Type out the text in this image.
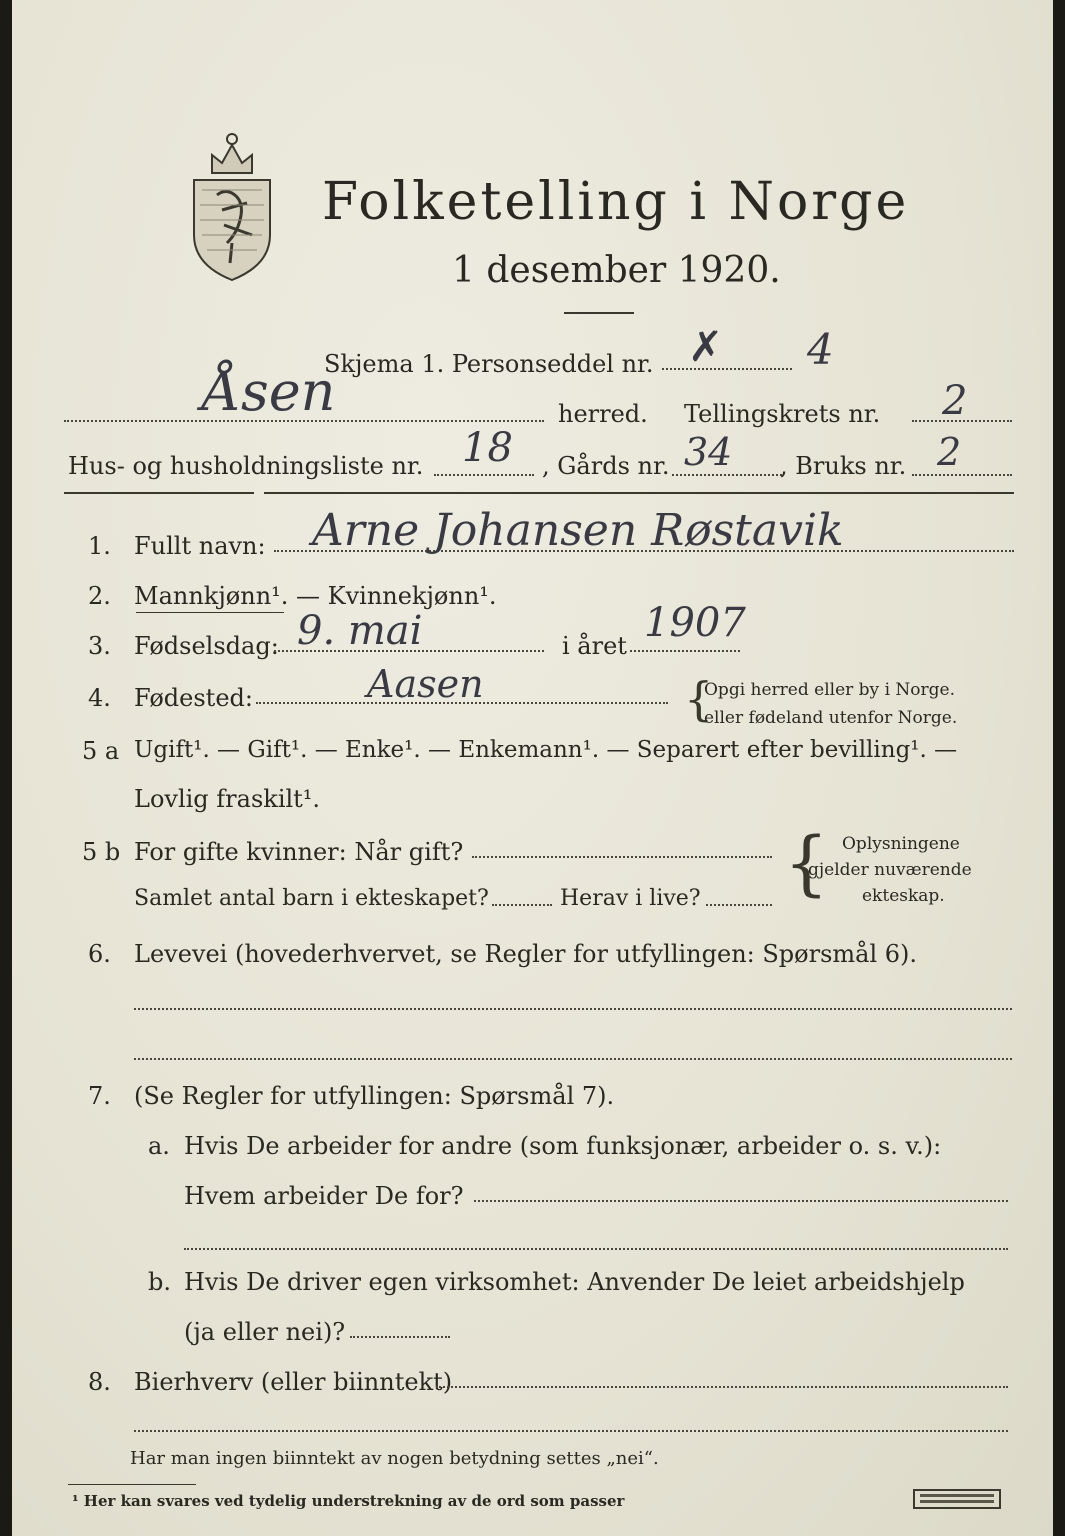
Folketelling i Norge
1 desember 1920.
Åsen
Skjema 1. Personseddel nr.	4
✗
herred. Tellingskrets nr. 2
Hus- og husholdningsliste nr. 18 , Gårds nr. 34 , Bruks nr. 2
1. Fullt navn: Arne Johansen Røstavik
2. Mannkjønn¹. — Kvinnekjønn¹.
3. Fødselsdag: 9. mai	i året 1907
4. Fødested:	Aasen	{
Opgi herred eller by i Norge.
eller fødeland utenfor Norge.
5 a Ugift¹. — Gift¹. — Enke¹. — Enkemann¹. — Separert efter bevilling¹. —
Lovlig fraskilt¹.
5 b For gifte kvinner: Når gift?
Samlet antal barn i ekteskapet?	Herav i live? { Oplysningene
gjelder nuværende
ekteskap.
6. Levevei (hovederhvervet, se Regler for utfyllingen: Spørsmål 6).
7. (Se Regler for utfyllingen: Spørsmål 7).
a. Hvis De arbeider for andre (som funksjonær, arbeider o. s. v.):
Hvem arbeider De for?
b. Hvis De driver egen virksomhet: Anvender De leiet arbeidshjelp
(ja eller nei)?
8. Bierhverv (eller biinntekt)
Har man ingen biinntekt av nogen betydning settes „nei“.
¹ Her kan svares ved tydelig understrekning av de ord som passer
